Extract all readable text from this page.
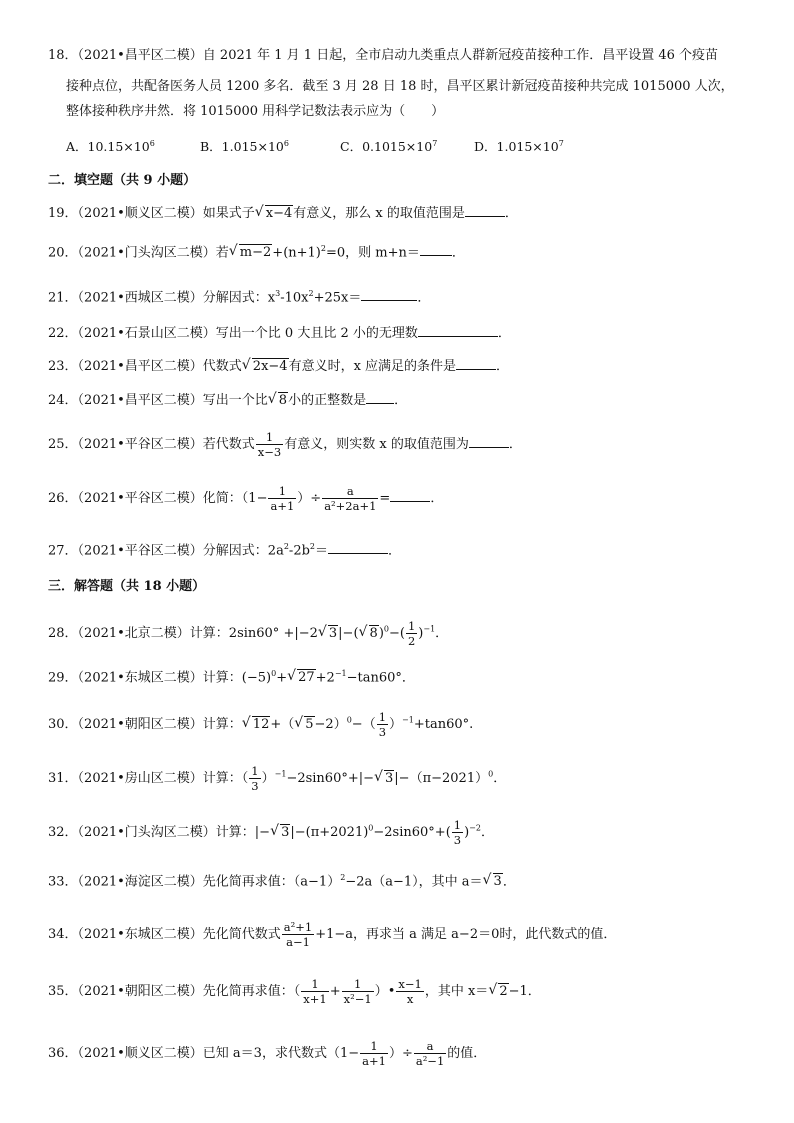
18．（2021•昌平区二模）自 2021 年 1 月 1 日起，全市启动九类重点人群新冠疫苗接种工作．昌平设置 46 个疫苗
接种点位，共配备医务人员 1200 多名．截至 3 月 28 日 18 时，昌平区累计新冠疫苗接种共完成 1015000 人次，
整体接种秩序井然．将 1015000 用科学记数法表示应为（　　）
A．$10.15\times 10^6$	B．$1.015\times 10^6$	C．$0.1015\times 10^7$	D．$1.015\times 10^7$
二．填空题（共 9 小题）
19．（2021•顺义区二模）如果式子√ x−4有意义，那么 x 的取值范围是	．
20．（2021•门头沟区二模）若√ $m-2+(n+1)^2=0$，则 m+n＝ ．
21．（2021•西城区二模）分解因式：$x^3-10x^2+25x=$	．
22．（2021•石景山区二模）写出一个比 0 大且比 2 小的无理数	．
23．（2021•昌平区二模）代数式√ 2x−4有意义时，x 应满足的条件是	．
24．（2021•昌平区二模）写出一个比√ 8小的正整数是 ．
25．（2021•平谷区二模）若代数式 $\frac{1}{x-3}$ 有意义，则实数 x 的取值范围为	．
26．（2021•平谷区二模）化简：（$1- \frac{1}{a+1}$ ）÷ $\frac{a}{\text{a²+2a+1}}$ =	．
27．（2021•平谷区二模）分解因式：$2a^2-2b^2=$	．
三．解答题（共 18 小题）
28．（2021•北京二模）计算：2sin60° +|−2√ 3|−(√ $8)^0-( \frac{1}{2} )^{-1}$．
29．（2021•东城区二模）计算：$(-5)^0+√$ $27+2^{-1}-\tan 60^\circ$．
30．（2021•朝阳区二模）计算：√ 12+（√ $5-2)^0-( \frac{1}{3} )^{-1}+\tan 60^\circ$.
31．（2021•房山区二模）计算：（ $\frac{1}{3} )^{-1}-2\sin 60^\circ+|-√$ $3|-(\pi-2021)^0$．
32．（2021•门头沟区二模）计算：|−√ $3|-(\pi+2021)^0-2\sin 60^\circ+( \frac{1}{3} )^{-2}$．
33．（2021•海淀区二模）先化简再求值：$(a-1)^2-2a(a-1)$，其中 a＝√ 3．
34．（2021•东城区二模）先化简代数式 $\frac{\text{a²+1}}{a-1} +1-a$，再求当 a 满足 a−2＝0时，此代数式的值．
35．（2021•朝阳区二模）先化简再求值：（ $\frac{1}{x+1} + \frac{1}{\text{x²−1}}$ ）• $\frac{x-1}{x}$ ，其中 x＝√ 2−1．
36．（2021•顺义区二模）已知 a＝3，求代数式（$1- \frac{1}{a+1}$ ）÷ $\frac{a}{\text{a²−1}}$ 的值．
